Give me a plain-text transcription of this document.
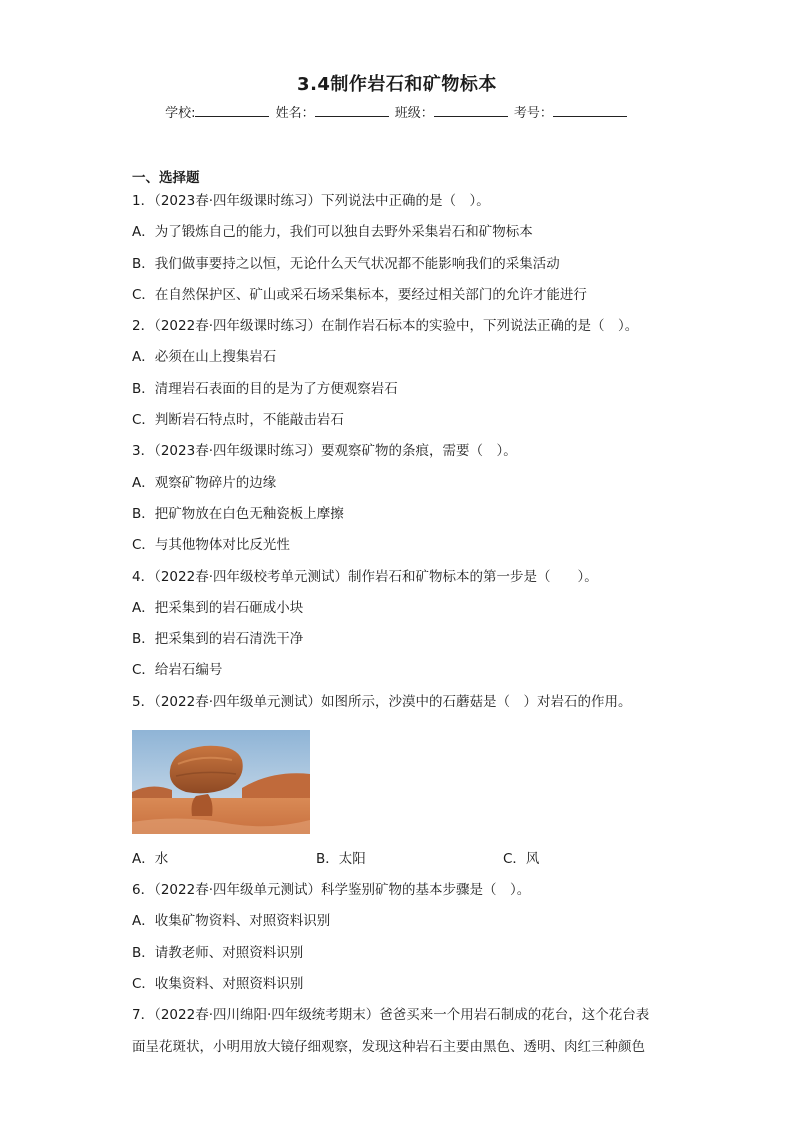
3.4制作岩石和矿物标本
学校:	姓名：	班级：	考号：
一、选择题
1．（2023春·四年级课时练习）下列说法中正确的是（　）。
A．为了锻炼自己的能力，我们可以独自去野外采集岩石和矿物标本
B．我们做事要持之以恒，无论什么天气状况都不能影响我们的采集活动
C．在自然保护区、矿山或采石场采集标本，要经过相关部门的允许才能进行
2．（2022春·四年级课时练习）在制作岩石标本的实验中，下列说法正确的是（　）。
A．必须在山上搜集岩石
B．清理岩石表面的目的是为了方便观察岩石
C．判断岩石特点时，不能敲击岩石
3．（2023春·四年级课时练习）要观察矿物的条痕，需要（　）。
A．观察矿物碎片的边缘
B．把矿物放在白色无釉瓷板上摩擦
C．与其他物体对比反光性
4．（2022春·四年级校考单元测试）制作岩石和矿物标本的第一步是（　　）。
A．把采集到的岩石砸成小块
B．把采集到的岩石清洗干净
C．给岩石编号
5．（2022春·四年级单元测试）如图所示，沙漠中的石蘑菇是（　）对岩石的作用。
A．水	B．太阳	C．风
6．（2022春·四年级单元测试）科学鉴别矿物的基本步骤是（　）。
A．收集矿物资料、对照资料识别
B．请教老师、对照资料识别
C．收集资料、对照资料识别
7．（2022春·四川绵阳·四年级统考期末）爸爸买来一个用岩石制成的花台，这个花台表
面呈花斑状，小明用放大镜仔细观察，发现这种岩石主要由黑色、透明、肉红三种颜色
